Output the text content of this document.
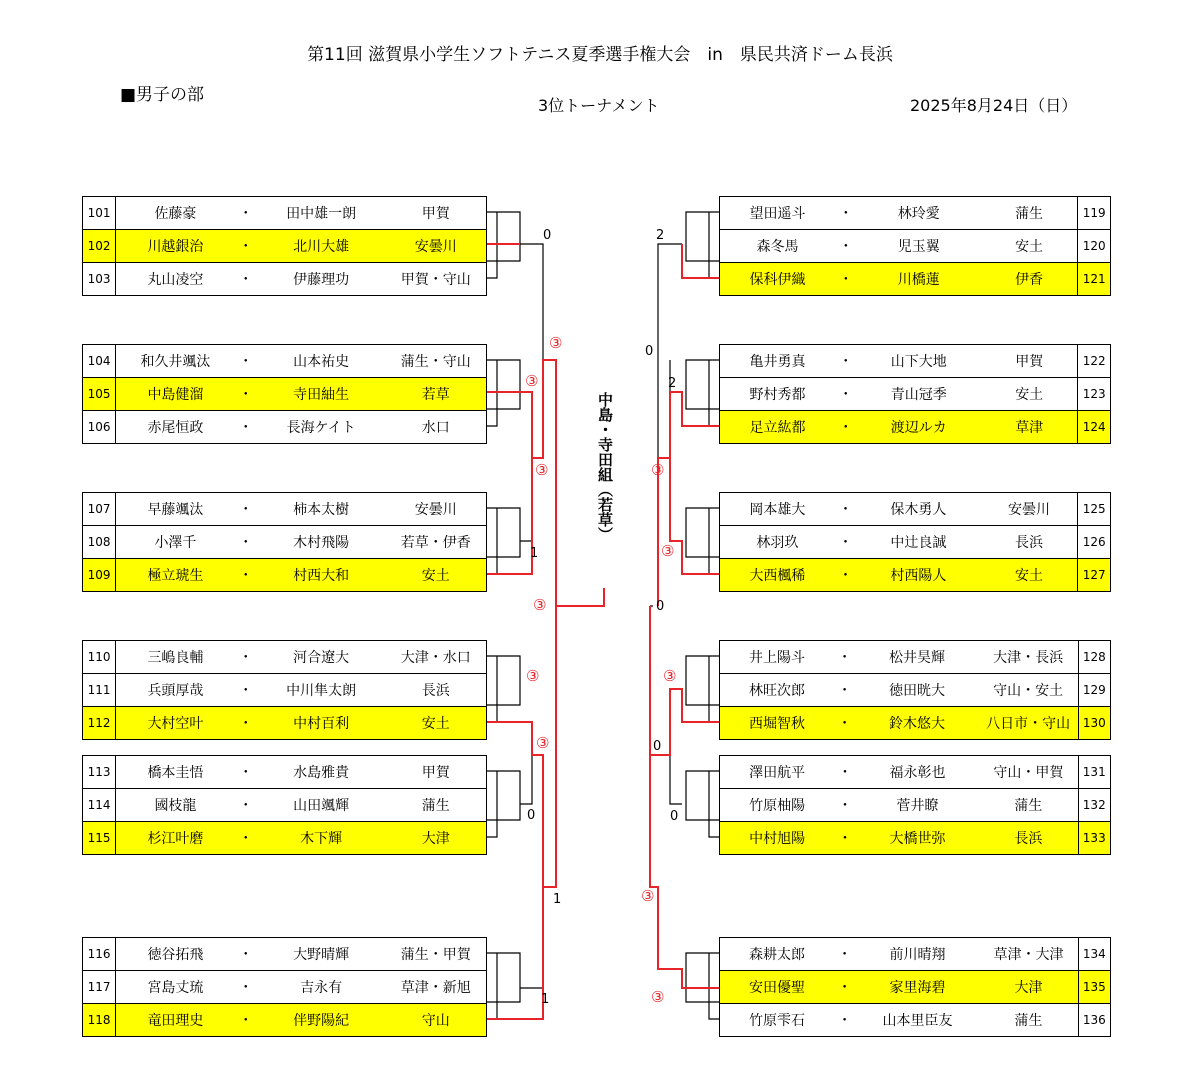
第11回 滋賀県小学生ソフトテニス夏季選手権大会　in　県民共済ドーム長浜
■男子の部
3位トーナメント	2025年8月24日（日）
101	佐藤豪	・	田中雄一朗	甲賀
102	川越銀治	・	北川大雄	安曇川
103	丸山凌空	・	伊藤理功	甲賀・守山
望田遥斗	・	林玲愛	蒲生	119
森冬馬	・	児玉翼	安土	120
保科伊織	・	川橋蓮	伊香	121
104	和久井颯汰	・	山本祐史	蒲生・守山
105	中島健溜	・	寺田紬生	若草
106	赤尾恒政	・	長海ケイト	水口
亀井勇真	・	山下大地	甲賀	122
野村秀都	・	青山冠季	安土	123
足立紘都	・	渡辺ルカ	草津	124
107	早藤颯汰	・	柿本太樹	安曇川
108	小澤千	・	木村飛陽	若草・伊香
109	極立琥生	・	村西大和	安土
岡本雄大	・	保木勇人	安曇川	125
林羽玖	・	中辻良誠	長浜	126
大西楓稀	・	村西陽人	安土	127
110	三嶋良輔	・	河合遼大	大津・水口
111	兵頭厚哉	・	中川隼太朗	長浜
112	大村空叶	・	中村百利	安土
井上陽斗	・	松井昊輝	大津・長浜	128
林旺次郎	・	徳田晄大	守山・安土	129
西堀智秋	・	鈴木悠大	八日市・守山	130
113	橋本圭悟	・	水島雅貴	甲賀
114	國枝龍	・	山田颯輝	蒲生
115	杉江叶磨	・	木下輝	大津
澤田航平	・	福永彰也	守山・甲賀	131
竹原柚陽	・	菅井瞭	蒲生	132
中村旭陽	・	大橋世弥	長浜	133
116	徳谷拓飛	・	大野晴輝	蒲生・甲賀
117	宮島丈琉	・	吉永有	草津・新旭
118	竜田理史	・	伴野陽紀	守山
森耕太郎	・	前川晴翔	草津・大津	134
安田優聖	・	家里海碧	大津	135
竹原雫石	・	山本里臣友	蒲生	136
中島・寺田組（若草）
0
1
0
1
1
2
0
2
0
0
0
③
③
③
③
③
③
③
③
③
③
③
